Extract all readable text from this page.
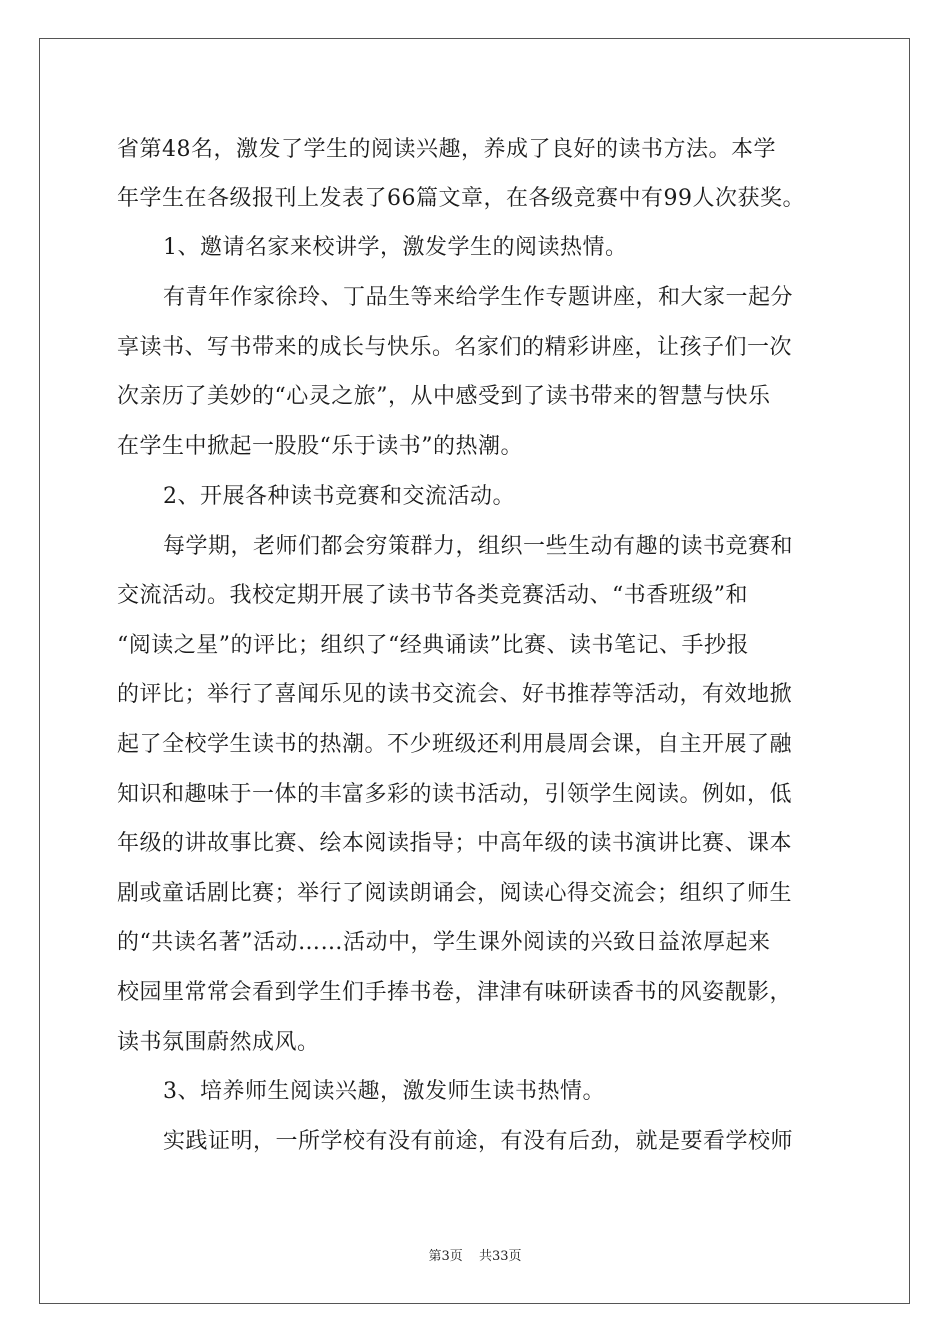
省第48名，激发了学生的阅读兴趣，养成了良好的读书方法。本学
年学生在各级报刊上发表了66篇文章，在各级竞赛中有99人次获奖。
1、邀请名家来校讲学，激发学生的阅读热情。
有青年作家徐玲、丁品生等来给学生作专题讲座，和大家一起分
享读书、写书带来的成长与快乐。名家们的精彩讲座，让孩子们一次
次亲历了美妙的“心灵之旅”，从中感受到了读书带来的智慧与快乐
在学生中掀起一股股“乐于读书”的热潮。
2、开展各种读书竞赛和交流活动。
每学期，老师们都会穷策群力，组织一些生动有趣的读书竞赛和
交流活动。我校定期开展了读书节各类竞赛活动、“书香班级”和
“阅读之星”的评比；组织了“经典诵读”比赛、读书笔记、手抄报
的评比；举行了喜闻乐见的读书交流会、好书推荐等活动，有效地掀
起了全校学生读书的热潮。不少班级还利用晨周会课，自主开展了融
知识和趣味于一体的丰富多彩的读书活动，引领学生阅读。例如，低
年级的讲故事比赛、绘本阅读指导；中高年级的读书演讲比赛、课本
剧或童话剧比赛；举行了阅读朗诵会，阅读心得交流会；组织了师生
的“共读名著”活动……活动中，学生课外阅读的兴致日益浓厚起来
校园里常常会看到学生们手捧书卷，津津有味研读香书的风姿靓影，
读书氛围蔚然成风。
3、培养师生阅读兴趣，激发师生读书热情。
实践证明，一所学校有没有前途，有没有后劲，就是要看学校师
第3页 共33页
